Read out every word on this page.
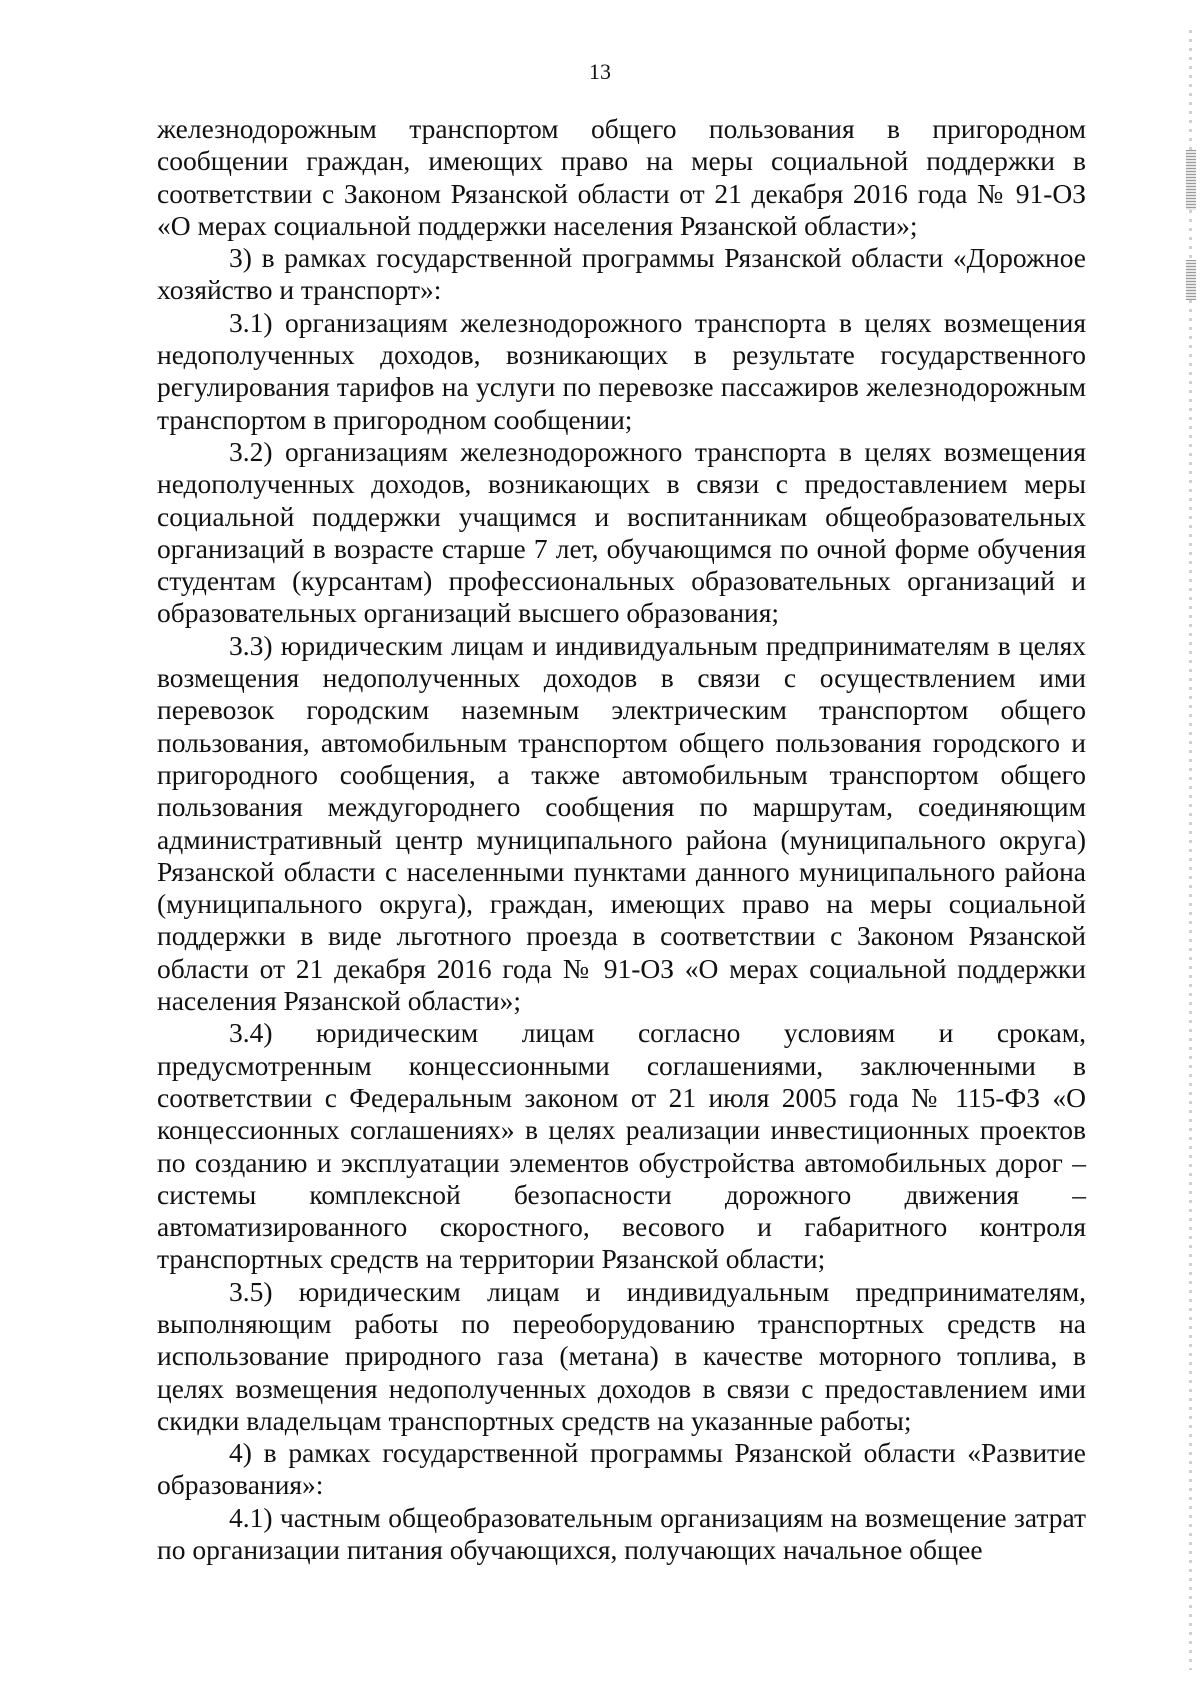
13

железнодорожным транспортом общего пользования в пригородном сообщении граждан, имеющих право на меры социальной поддержки в соответствии с Законом Рязанской области от 21 декабря 2016 года № 91-ОЗ «О мерах социальной поддержки населения Рязанской области»;

3) в рамках государственной программы Рязанской области «Дорожное хозяйство и транспорт»:

3.1) организациям железнодорожного транспорта в целях возмещения недополученных доходов, возникающих в результате государственного регулирования тарифов на услуги по перевозке пассажиров железнодорожным транспортом в пригородном сообщении;

3.2) организациям железнодорожного транспорта в целях возмещения недополученных доходов, возникающих в связи с предоставлением меры социальной поддержки учащимся и воспитанникам общеобразовательных организаций в возрасте старше 7 лет, обучающимся по очной форме обучения студентам (курсантам) профессиональных образовательных организаций и образовательных организаций высшего образования;

3.3) юридическим лицам и индивидуальным предпринимателям в целях возмещения недополученных доходов в связи с осуществлением ими перевозок городским наземным электрическим транспортом общего пользования, автомобильным транспортом общего пользования городского и пригородного сообщения, а также автомобильным транспортом общего пользования междугороднего сообщения по маршрутам, соединяющим административный центр муниципального района (муниципального округа) Рязанской области с населенными пунктами данного муниципального района (муниципального округа), граждан, имеющих право на меры социальной поддержки в виде льготного проезда в соответствии с Законом Рязанской области от 21 декабря 2016 года № 91-ОЗ «О мерах социальной поддержки населения Рязанской области»;

3.4) юридическим лицам согласно условиям и срокам, предусмотренным концессионными соглашениями, заключенными в соответствии с Федеральным законом от 21 июля 2005 года № 115-ФЗ «О концессионных соглашениях» в целях реализации инвестиционных проектов по созданию и эксплуатации элементов обустройства автомобильных дорог – системы комплексной безопасности дорожного движения – автоматизированного скоростного, весового и габаритного контроля транспортных средств на территории Рязанской области;

3.5) юридическим лицам и индивидуальным предпринимателям, выполняющим работы по переоборудованию транспортных средств на использование природного газа (метана) в качестве моторного топлива, в целях возмещения недополученных доходов в связи с предоставлением ими скидки владельцам транспортных средств на указанные работы;

4) в рамках государственной программы Рязанской области «Развитие образования»:

4.1) частным общеобразовательным организациям на возмещение затрат по организации питания обучающихся, получающих начальное общее
